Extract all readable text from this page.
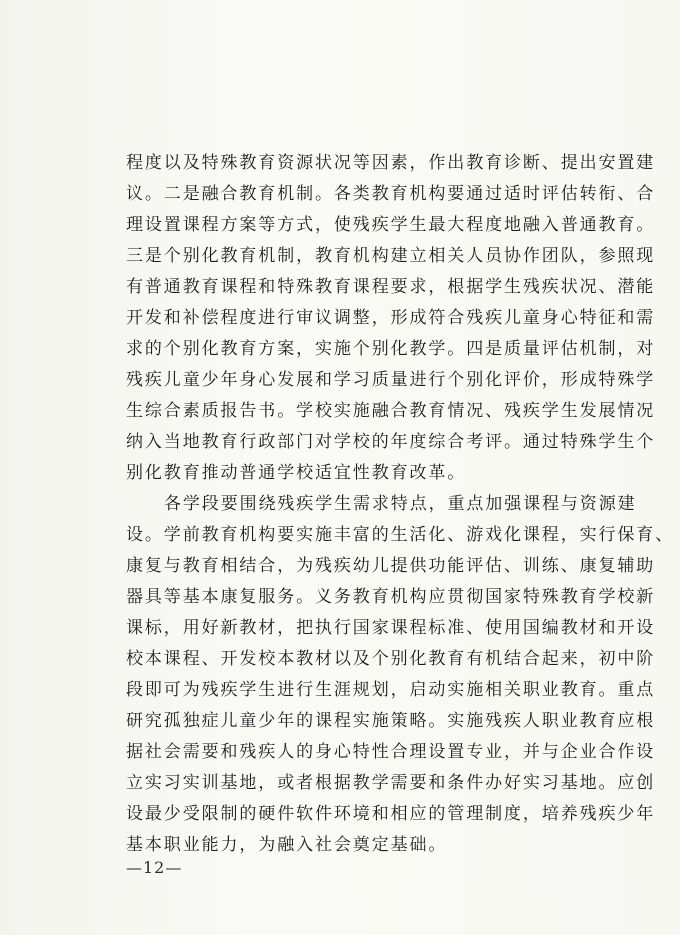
程度以及特殊教育资源状况等因素，作出教育诊断、提出安置建
议。二是融合教育机制。各类教育机构要通过适时评估转衔、合
理设置课程方案等方式，使残疾学生最大程度地融入普通教育。
三是个别化教育机制，教育机构建立相关人员协作团队，参照现
有普通教育课程和特殊教育课程要求，根据学生残疾状况、潜能
开发和补偿程度进行审议调整，形成符合残疾儿童身心特征和需
求的个别化教育方案，实施个别化教学。四是质量评估机制，对
残疾儿童少年身心发展和学习质量进行个别化评价，形成特殊学
生综合素质报告书。学校实施融合教育情况、残疾学生发展情况
纳入当地教育行政部门对学校的年度综合考评。通过特殊学生个
别化教育推动普通学校适宜性教育改革。
各学段要围绕残疾学生需求特点，重点加强课程与资源建
设。学前教育机构要实施丰富的生活化、游戏化课程，实行保育、
康复与教育相结合，为残疾幼儿提供功能评估、训练、康复辅助
器具等基本康复服务。义务教育机构应贯彻国家特殊教育学校新
课标，用好新教材，把执行国家课程标准、使用国编教材和开设
校本课程、开发校本教材以及个别化教育有机结合起来，初中阶
段即可为残疾学生进行生涯规划，启动实施相关职业教育。重点
研究孤独症儿童少年的课程实施策略。实施残疾人职业教育应根
据社会需要和残疾人的身心特性合理设置专业，并与企业合作设
立实习实训基地，或者根据教学需要和条件办好实习基地。应创
设最少受限制的硬件软件环境和相应的管理制度，培养残疾少年
基本职业能力，为融入社会奠定基础。
—12—
